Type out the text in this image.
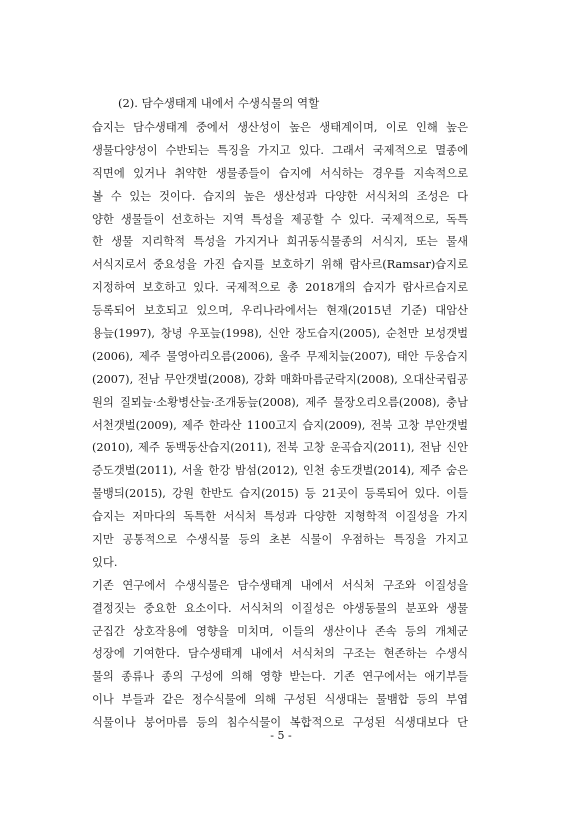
(2). 담수생태계 내에서 수생식물의 역할
습지는 담수생태계 중에서 생산성이 높은 생태계이며, 이로 인해 높은
생물다양성이 수반되는 특징을 가지고 있다. 그래서 국제적으로 멸종에
직면에 있거나 취약한 생물종들이 습지에 서식하는 경우를 지속적으로
볼 수 있는 것이다. 습지의 높은 생산성과 다양한 서식처의 조성은 다
양한 생물들이 선호하는 지역 특성을 제공할 수 있다. 국제적으로, 독특
한 생물 지리학적 특성을 가지거나 희귀동식물종의 서식지, 또는 물새
서식지로서 중요성을 가진 습지를 보호하기 위해 람사르(Ramsar)습지로
지정하여 보호하고 있다. 국제적으로 총 2018개의 습지가 람사르습지로
등록되어 보호되고 있으며, 우리나라에서는 현재(2015년 기준) 대암산
용늪(1997), 창녕 우포늪(1998), 신안 장도습지(2005), 순천만 보성갯벌
(2006), 제주 물영아리오름(2006), 울주 무제치늪(2007), 태안 두웅습지
(2007), 전남 무안갯벌(2008), 강화 매화마름군락지(2008), 오대산국립공
원의 질뫼늪·소황병산늪·조개동늪(2008), 제주 물장오리오름(2008), 충남
서천갯벌(2009), 제주 한라산 1100고지 습지(2009), 전북 고창 부안갯벌
(2010), 제주 동백동산습지(2011), 전북 고창 운곡습지(2011), 전남 신안
증도갯벌(2011), 서울 한강 밤섬(2012), 인천 송도갯벌(2014), 제주 숨은
물뱅듸(2015), 강원 한반도 습지(2015) 등 21곳이 등록되어 있다. 이들
습지는 저마다의 독특한 서식처 특성과 다양한 지형학적 이질성을 가지
지만 공통적으로 수생식물 등의 초본 식물이 우점하는 특징을 가지고
있다.
기존 연구에서 수생식물은 담수생태계 내에서 서식처 구조와 이질성을
결정짓는 중요한 요소이다. 서식처의 이질성은 야생동물의 분포와 생물
군집간 상호작용에 영향을 미치며, 이들의 생산이나 존속 등의 개체군
성장에 기여한다. 담수생태계 내에서 서식처의 구조는 현존하는 수생식
물의 종류나 종의 구성에 의해 영향 받는다. 기존 연구에서는 애기부들
이나 부들과 같은 정수식물에 의해 구성된 식생대는 물뱀합 등의 부엽
식물이나 붕어마름 등의 침수식물이 복합적으로 구성된 식생대보다 단
- 5 -
